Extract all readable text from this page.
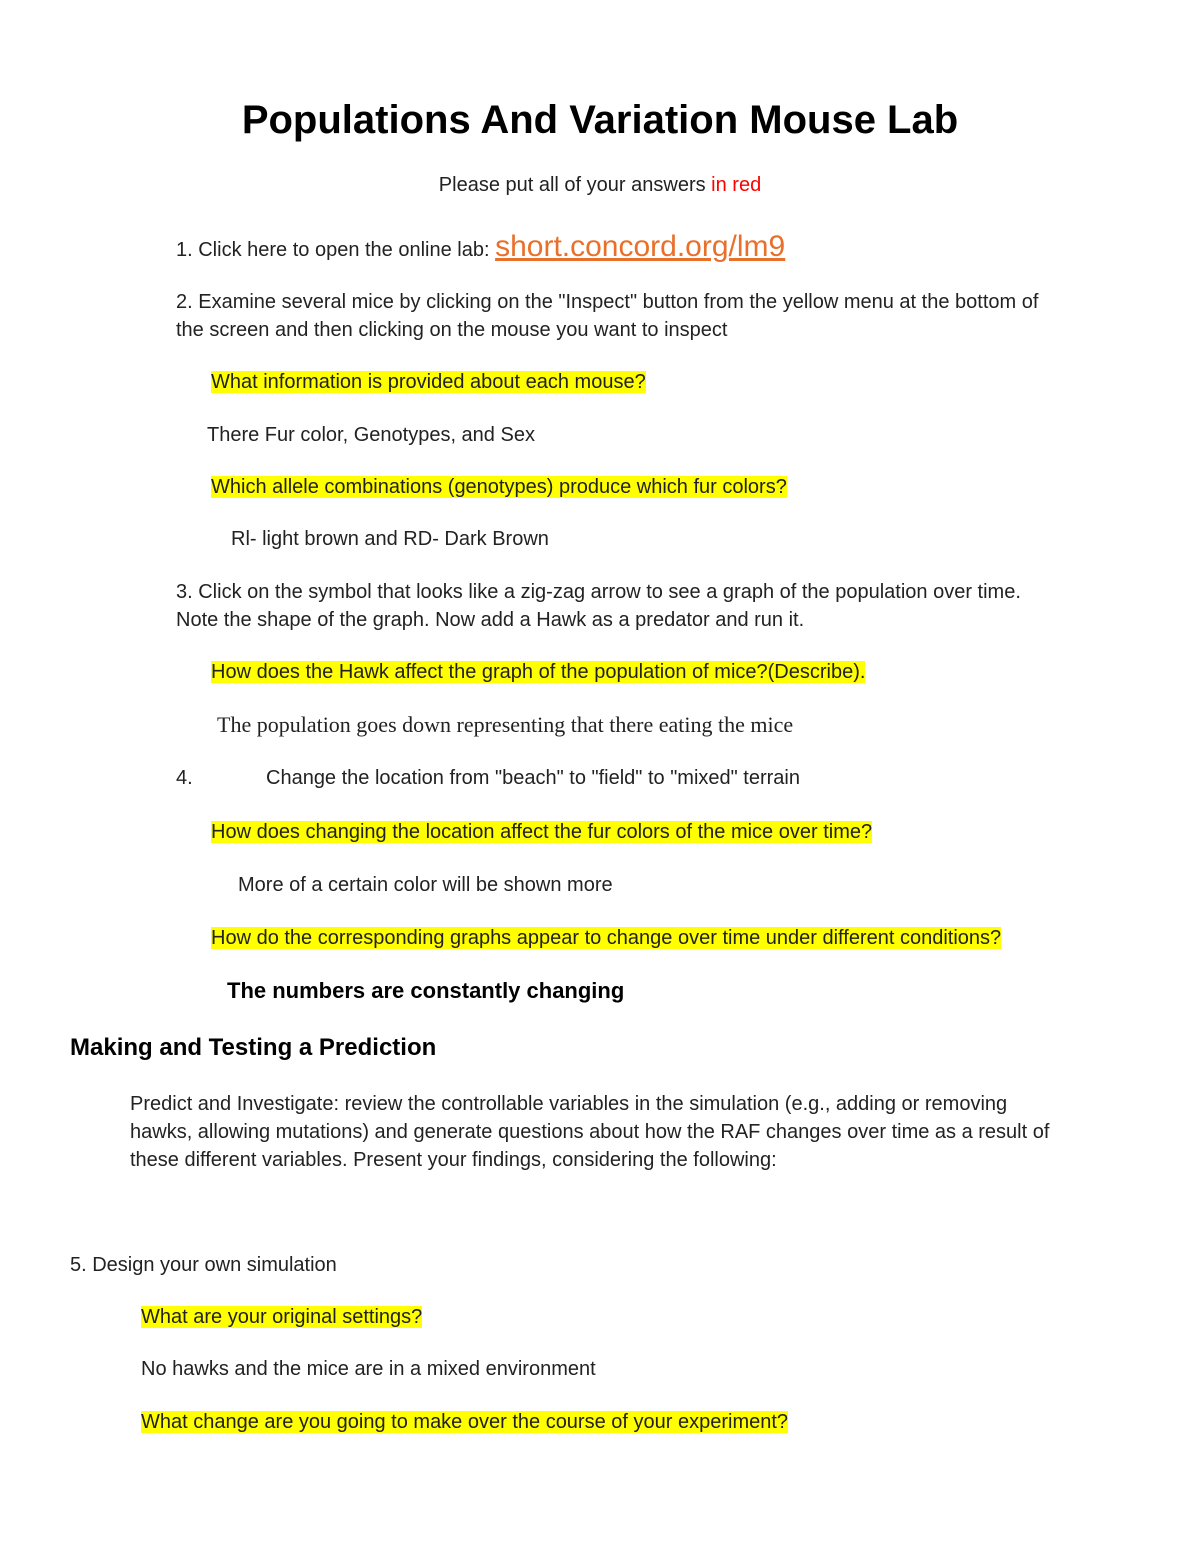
Populations And Variation Mouse Lab
Please put all of your answers in red
1. Click here to open the online lab: short.concord.org/lm9
2. Examine several mice by clicking on the "Inspect" button from the yellow menu at the bottom of
the screen and then clicking on the mouse you want to inspect
What information is provided about each mouse?
There Fur color, Genotypes, and Sex
Which allele combinations (genotypes) produce which fur colors?
Rl- light brown and RD- Dark Brown
3. Click on the symbol that looks like a zig-zag arrow to see a graph of the population over time.
Note the shape of the graph. Now add a Hawk as a predator and run it.
How does the Hawk affect the graph of the population of mice?(Describe).
The population goes down representing that there eating the mice
4.	Change the location from "beach" to "field" to "mixed" terrain
How does changing the location affect the fur colors of the mice over time?
More of a certain color will be shown more
How do the corresponding graphs appear to change over time under different conditions?
The numbers are constantly changing
Making and Testing a Prediction
Predict and Investigate: review the controllable variables in the simulation (e.g., adding or removing
hawks, allowing mutations) and generate questions about how the RAF changes over time as a result of
these different variables. Present your findings, considering the following:
5. Design your own simulation
What are your original settings?
No hawks and the mice are in a mixed environment
What change are you going to make over the course of your experiment?
